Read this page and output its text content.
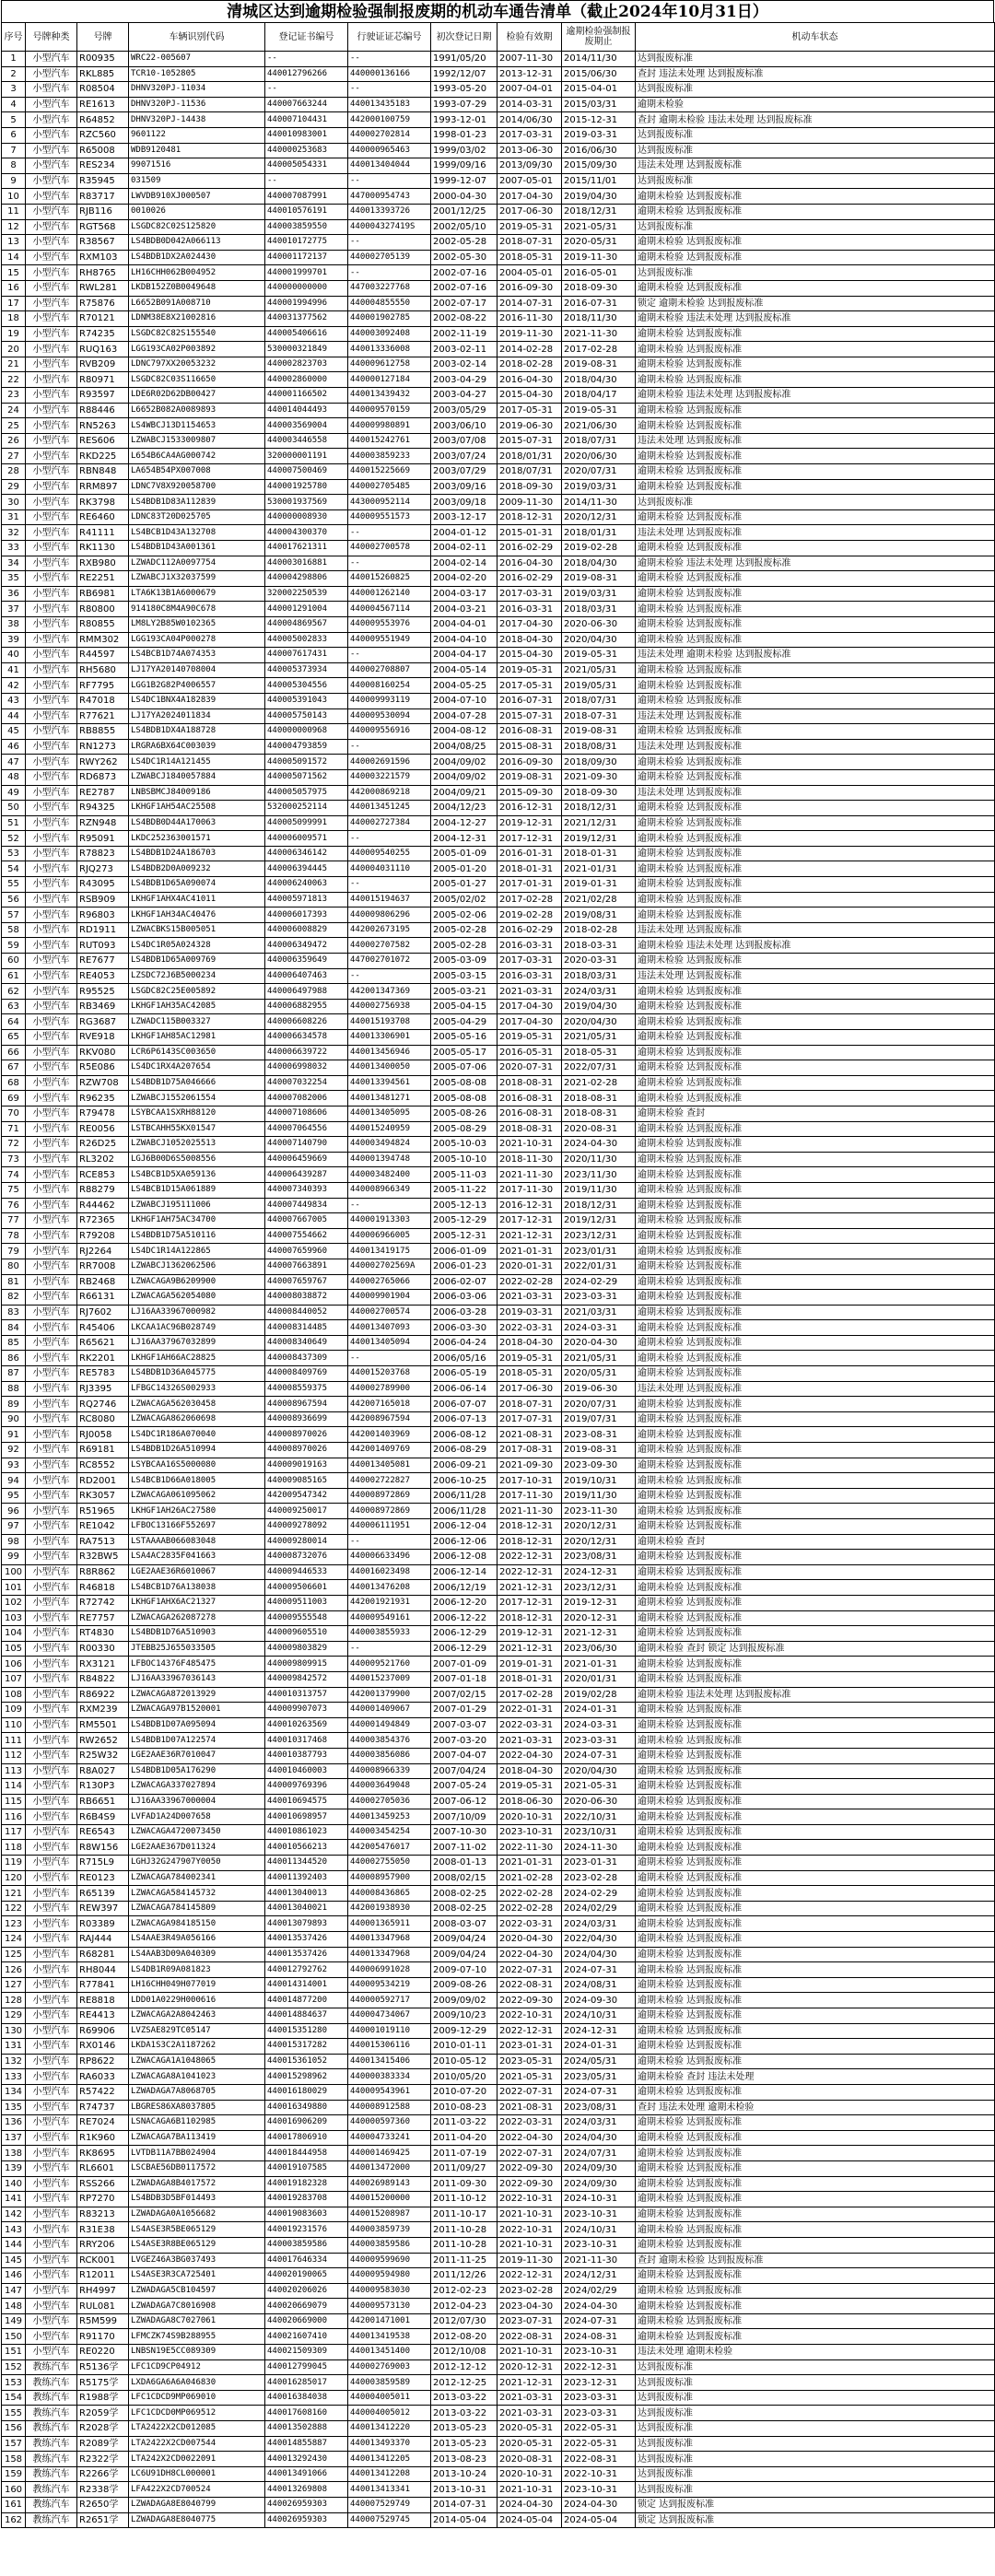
清城区达到逾期检验强制报废期的机动车通告清单（截止2024年10月31日）
序号	号牌种类	号牌	车辆识别代码	登记证书编号	行驶证证芯编号	初次登记日期	检验有效期	逾期检验强制报废期止	机动车状态
1	小型汽车	R00935	WRC22-005607	--	--	1991/05/20	2007-11-30	2014/11/30	达到报废标准
2	小型汽车	RKL885	TCR10-1052805	440012796266	440000136166	1992/12/07	2013-12-31	2015/06/30	查封 违法未处理 达到报废标准
3	小型汽车	R08504	DHNV320PJ-11034	--	--	1993-05-20	2007-04-01	2015-04-01	达到报废标准
4	小型汽车	RE1613	DHNV320PJ-11536	440007663244	440013435183	1993-07-29	2014-03-31	2015/03/31	逾期未检验
5	小型汽车	R64852	DHNV320PJ-14438	440007104431	442000100759	1993-12-01	2014/06/30	2015-12-31	查封 逾期未检验 违法未处理 达到报废标准
6	小型汽车	RZC560	9601122	440010983001	440002702814	1998-01-23	2017-03-31	2019-03-31	达到报废标准
7	小型汽车	R65008	WDB9120481	440000253683	440000965463	1999/03/02	2013-06-30	2016/06/30	达到报废标准
8	小型汽车	RES234	99071516	440005054331	440013404044	1999/09/16	2013/09/30	2015/09/30	违法未处理 达到报废标准
9	小型汽车	R35945	031509	--	--	1999-12-07	2007-05-01	2015/11/01	达到报废标准
10	小型汽车	R83717	LWVDB910XJ000507	440007087991	447000954743	2000-04-30	2017-04-30	2019/04/30	逾期未检验 达到报废标准
11	小型汽车	RJB116	0010026	440010576191	440013393726	2001/12/25	2017-06-30	2018/12/31	逾期未检验 达到报废标准
12	小型汽车	RGT568	LSGDC82C02S125820	440003859550	440004327419S	2002/05/10	2019-05-31	2021-05/31	达到报废标准
13	小型汽车	R38567	LS4BDB0D042A066113	440010172775	--	2002-05-28	2018-07-31	2020-05/31	逾期未检验 达到报废标准
14	小型汽车	RXM103	LS4BDB1DX2A024430	440001172137	440002705139	2002-05-30	2018-05-31	2019-11-30	逾期未检验 达到报废标准
15	小型汽车	RH8765	LH16CHH062B004952	440001999701	--	2002-07-16	2004-05-01	2016-05-01	达到报废标准
16	小型汽车	RWL281	LKDB152Z0B0049648	440000000000	447003227768	2002-07-16	2016-09-30	2018-09-30	逾期未检验 达到报废标准
17	小型汽车	R75876	L6652B091A008710	440001994996	440004855550	2002-07-17	2014-07-31	2016-07-31	锁定 逾期未检验 达到报废标准
18	小型汽车	R70121	LDNM38E8X21002816	440031377562	440001902785	2002-08-22	2016-11-30	2018/11/30	逾期未检验 违法未处理 达到报废标准
19	小型汽车	R74235	LSGDC82C82S155540	440005406616	440003092408	2002-11-19	2019-11-30	2021-11-30	逾期未检验 达到报废标准
20	小型汽车	RUQ163	LGG193CA02P003892	530000321849	440013336008	2003-02-11	2014-02-28	2017-02-28	逾期未检验 达到报废标准
21	小型汽车	RVB209	LDNC797XX20053232	440002823703	440009612758	2003-02-14	2018-02-28	2019-08-31	逾期未检验 达到报废标准
22	小型汽车	R80971	LSGDC82C03S116650	440002860000	440000127184	2003-04-29	2016-04-30	2018/04/30	逾期未检验 达到报废标准
23	小型汽车	R93597	LDE6R02D62DB00427	440001166502	440013439432	2003-04-27	2015-04-30	2018/04/17	逾期未检验 违法未处理 达到报废标准
24	小型汽车	R88446	L6652B082A0089893	440014044493	440009570159	2003/05/29	2017-05-31	2019-05-31	逾期未检验 达到报废标准
25	小型汽车	RN5263	LS4WBCJ13D1154653	440003569004	440009980891	2003/06/10	2019-06-30	2021/06/30	逾期未检验 达到报废标准
26	小型汽车	RES606	LZWABCJ1533009807	440003446558	440015242761	2003/07/08	2015-07-31	2018/07/31	违法未处理 达到报废标准
27	小型汽车	RKD225	L654B6CA4AG000742	320000001191	440003859233	2003/07/24	2018/01/31	2020/06/30	逾期未检验 达到报废标准
28	小型汽车	RBN848	LA654B54PX007008	440007500469	440015225669	2003/07/29	2018/07/31	2020/07/31	逾期未检验 达到报废标准
29	小型汽车	RRM897	LDNC7V8X920058700	440001925780	440002705485	2003/09/16	2018-09-30	2019/03/31	逾期未检验 达到报废标准
30	小型汽车	RK3798	LS4BDB1D83A112839	530001937569	443000952114	2003/09/18	2009-11-30	2014/11-30	达到报废标准
31	小型汽车	RE6460	LDNC83T20D025705	440000008930	440009551573	2003-12-17	2018-12-31	2020/12/31	逾期未检验 达到报废标准
32	小型汽车	R41111	LS4BCB1D43A132708	440004300370	--	2004-01-12	2015-01-31	2018/01/31	违法未处理 达到报废标准
33	小型汽车	RK1130	LS4BDB1D43A001361	440017621311	440002700578	2004-02-11	2016-02-29	2019-02-28	逾期未检验 达到报废标准
34	小型汽车	RXB980	LZWADC112A0097754	440003016881	--	2004-02-14	2016-04-30	2018/04/30	逾期未检验 违法未处理 达到报废标准
35	小型汽车	RE2251	LZWABCJ1X32037599	440004298806	440015260825	2004-02-20	2016-02-29	2019-08-31	逾期未检验 达到报废标准
36	小型汽车	RB6981	LTA6K13B1A6000679	320002250539	440001262140	2004-03-17	2017-03-31	2019/03/31	逾期未检验 达到报废标准
37	小型汽车	R80800	914180C8M4A90C678	440001291004	440004567114	2004-03-21	2016-03-31	2018/03/31	逾期未检验 达到报废标准
38	小型汽车	R80855	LM8LY2B85W0102365	440004869567	440009553976	2004-04-01	2017-04-30	2020-06-30	逾期未检验 达到报废标准
39	小型汽车	RMM302	LGG193CA04P000278	440005002833	440009551949	2004-04-10	2018-04-30	2020/04/30	逾期未检验 达到报废标准
40	小型汽车	R44597	LS4BCB1D74A074353	440007617431	--	2004-04-17	2015-04-30	2019-05-31	违法未处理 逾期未检验 达到报废标准
41	小型汽车	RH5680	LJ17YA20140708004	440005373934	440002708807	2004-05-14	2019-05-31	2021/05/31	逾期未检验 达到报废标准
42	小型汽车	RF7795	LGG1B2G82P4006557	440005304556	440008160254	2004-05-25	2017-05-31	2019/05/31	逾期未检验 达到报废标准
43	小型汽车	R47018	LS4DC1BNX4A182839	440005391043	440009993119	2004-07-10	2016-07-31	2018/07/31	逾期未检验 达到报废标准
44	小型汽车	R77621	LJ17YA2024011834	440005750143	440009530094	2004-07-28	2015-07-31	2018-07-31	违法未处理 达到报废标准
45	小型汽车	RB8855	LS4BDB1DX4A188728	440000000968	440009556916	2004-08-12	2016-08-31	2019-08-31	逾期未检验 达到报废标准
46	小型汽车	RN1273	LRGRA6BX64C003039	440004793859	--	2004/08/25	2015-08-31	2018/08/31	违法未处理 达到报废标准
47	小型汽车	RWY262	LS4DC1R14A121455	440005091572	440002691596	2004/09/02	2016-09-30	2018/09/30	逾期未检验 达到报废标准
48	小型汽车	RD6873	LZWABCJ1840057884	440005071562	440003221579	2004/09/02	2019-08-31	2021-09-30	逾期未检验 达到报废标准
49	小型汽车	RE2787	LNBSBMCJ84009186	440005057975	442000869218	2004/09/21	2015-09-30	2018-09-30	违法未处理 达到报废标准
50	小型汽车	R94325	LKHGF1AH54AC25508	532000252114	440013451245	2004/12/23	2016-12-31	2018/12/31	逾期未检验 达到报废标准
51	小型汽车	RZN948	LS4BDB0D44A170063	440005099991	440002727384	2004-12-27	2019-12-31	2021/12/31	逾期未检验 达到报废标准
52	小型汽车	R95091	LKDC252363001571	440006009571	--	2004-12-31	2017-12-31	2019/12/31	逾期未检验 达到报废标准
53	小型汽车	R78823	LS4BDB1D24A186703	440006346142	440009540255	2005-01-09	2016-01-31	2018-01-31	逾期未检验 达到报废标准
54	小型汽车	RJQ273	LS4BDB2D0A009232	440006394445	440004031110	2005-01-20	2018-01-31	2021-01/31	逾期未检验 达到报废标准
55	小型汽车	R43095	LS4BDB1D65A090074	440006240063	--	2005-01-27	2017-01-31	2019-01-31	逾期未检验 达到报废标准
56	小型汽车	RSB909	LKHGF1AHX4AC41011	440005971813	440015194637	2005/02/02	2017-02-28	2021/02/28	逾期未检验 达到报废标准
57	小型汽车	R96803	LKHGF1AH34AC40476	440006017393	440009806296	2005-02-06	2019-02-28	2019/08/31	逾期未检验 达到报废标准
58	小型汽车	RD1911	LZWACBKS15B005051	440006008829	442002673195	2005-02-28	2016-02-29	2018-02-28	违法未处理 达到报废标准
59	小型汽车	RUT093	LS4DC1R05A024328	440006349472	440002707582	2005-02-28	2016-03-31	2018-03-31	逾期未检验 违法未处理 达到报废标准
60	小型汽车	RE7677	LS4BDB1D65A009769	440006359649	447002701072	2005-03-09	2017-03-31	2020-03-31	逾期未检验 达到报废标准
61	小型汽车	RE4053	LZSDC72J6B5000234	440006407463	--	2005-03-15	2016-03-31	2018/03/31	违法未处理 达到报废标准
62	小型汽车	R95525	LSGDC82C25E005892	440006497988	442001347369	2005-03-21	2021-03-31	2024/03/31	逾期未检验 达到报废标准
63	小型汽车	RB3469	LKHGF1AH35AC42085	440006882955	440002756938	2005-04-15	2017-04-30	2019/04/30	逾期未检验 达到报废标准
64	小型汽车	RG3687	LZWADC115B003327	440006608226	440015193708	2005-04-29	2017-04-30	2020/04/30	逾期未检验 达到报废标准
65	小型汽车	RVE918	LKHGF1AH85AC12981	440006634578	440013306901	2005-05-16	2019-05-31	2021/05/31	逾期未检验 达到报废标准
66	小型汽车	RKV080	LCR6P6143SC003650	440006639722	440013456946	2005-05-17	2016-05-31	2018-05-31	逾期未检验 达到报废标准
67	小型汽车	R5E086	LS4DC1RX4A207654	440006998032	440013400050	2005-07-06	2020-07-31	2022/07/31	逾期未检验 达到报废标准
68	小型汽车	RZW708	LS4BDB1D75A046666	440007032254	440013394561	2005-08-08	2018-08-31	2021-02-28	逾期未检验 达到报废标准
69	小型汽车	R96235	LZWABCJ1552061554	440007082006	440013481271	2005-08-08	2016-08-31	2018-08-31	逾期未检验 达到报废标准
70	小型汽车	R79478	LSYBCAA1SXRH88120	440007108606	440013405095	2005-08-26	2016-08-31	2018-08-31	逾期未检验 查封
71	小型汽车	RE0056	LSTBCAHH55KX01547	440007064556	440015240959	2005-08-29	2018-08-31	2020-08-31	逾期未检验 达到报废标准
72	小型汽车	R26D25	LZWABCJ1052025513	440007140790	440003494824	2005-10-03	2021-10-31	2024-04-30	逾期未检验 达到报废标准
73	小型汽车	RL3202	LGJ6B00D6S5008556	440006459669	440001394748	2005-10-10	2018-11-30	2020/11/30	逾期未检验 达到报废标准
74	小型汽车	RCE853	LS4BCB1D5XA059136	440006439287	440003482400	2005-11-03	2021-11-30	2023/11/30	逾期未检验 达到报废标准
75	小型汽车	R88279	LS4BCB1D15A061889	440007340393	440008966349	2005-11-22	2017-11-30	2019/11/30	逾期未检验 达到报废标准
76	小型汽车	R44462	LZWABCJ195111006	440007449834	--	2005-12-13	2016-12-31	2018/12/31	逾期未检验 达到报废标准
77	小型汽车	R72365	LKHGF1AH75AC34700	440007667005	440001913303	2005-12-29	2017-12-31	2019/12/31	逾期未检验 达到报废标准
78	小型汽车	R79208	LS4BDB1D75A510116	440007554662	440006966005	2005-12-31	2021-12-31	2023/12/31	逾期未检验 达到报废标准
79	小型汽车	RJ2264	LS4DC1R14A122865	440007659960	440013419175	2006-01-09	2021-01-31	2023/01/31	逾期未检验 达到报废标准
80	小型汽车	RR7008	LZWABCJ1362062506	440007663891	440002702569A	2006-01-23	2020-01-31	2022/01/31	逾期未检验 达到报废标准
81	小型汽车	RB2468	LZWACAGA9B6209900	440007659767	440002765066	2006-02-07	2022-02-28	2024-02-29	逾期未检验 达到报废标准
82	小型汽车	R66131	LZWACAGA562054080	440008038872	440009901904	2006-03-06	2021-03-31	2023-03-31	逾期未检验 达到报废标准
83	小型汽车	RJ7602	LJ16AA33967000982	440008440052	440002700574	2006-03-28	2019-03-31	2021/03/31	逾期未检验 达到报废标准
84	小型汽车	R45406	LKCAA1AC96B028749	440008314485	440013407093	2006-03-30	2022-03-31	2024-03-31	逾期未检验 达到报废标准
85	小型汽车	R65621	LJ16AA37967032899	440008340649	440013405094	2006-04-24	2018-04-30	2020-04-30	逾期未检验 达到报废标准
86	小型汽车	RK2201	LKHGF1AH66AC28825	440008437309	--	2006/05/16	2019-05-31	2021/05/31	逾期未检验 达到报废标准
87	小型汽车	RE5783	LS4BDB1D36A045775	440008409769	440015203768	2006-05-19	2018-05-31	2020/05/31	逾期未检验 达到报废标准
88	小型汽车	RJ3395	LFBGC14326S002933	440008559375	440002789900	2006-06-14	2017-06-30	2019-06-30	违法未处理 达到报废标准
89	小型汽车	RQ2746	LZWACAGA562030458	440008967594	442007165018	2006-07-07	2018-07-31	2020/07/31	逾期未检验 达到报废标准
90	小型汽车	RC8080	LZWACAGA862060698	440008936699	442008967594	2006-07-13	2017-07-31	2019/07/31	逾期未检验 达到报废标准
91	小型汽车	RJ0058	LS4DC1R186A070040	440008970026	442001403969	2006-08-12	2021-08-31	2023-08-31	逾期未检验 达到报废标准
92	小型汽车	R69181	LS4BDB1D26A510994	440008970026	442001409769	2006-08-29	2017-08-31	2019-08-31	逾期未检验 达到报废标准
93	小型汽车	RC8552	LSYBCAA16S5000080	440009019163	440013405081	2006-09-21	2021-09-30	2023-09-30	逾期未检验 达到报废标准
94	小型汽车	RD2001	LS4BCB1D66A018005	440009085165	440002722827	2006-10-25	2017-10-31	2019/10/31	逾期未检验 达到报废标准
95	小型汽车	RK3057	LZWACAGA061095062	442009547342	440008972869	2006/11/28	2017-11-30	2019/11/30	逾期未检验 达到报废标准
96	小型汽车	R51965	LKHGF1AH26AC27580	440009250017	440008972869	2006/11/28	2021-11-30	2023-11-30	逾期未检验 达到报废标准
97	小型汽车	RE1042	LFBOC13166F552697	440009278092	440006111951	2006-12-04	2018-12-31	2020/12/31	逾期未检验 达到报废标准
98	小型汽车	RA7513	LSTAAAAB066083048	440009280014	--	2006-12-06	2018-12-31	2020/12/31	逾期未检验 查封
99	小型汽车	R32BW5	LSA4AC2835F041663	440008732076	440006633496	2006-12-08	2022-12-31	2023/08/31	逾期未检验 达到报废标准
100	小型汽车	R8R862	LGE2AAE36R6010067	440009446533	440016023498	2006-12-14	2022-12-31	2024-12-31	逾期未检验 达到报废标准
101	小型汽车	R46818	LS4BCB1D76A138038	440009506601	440013476208	2006/12/19	2021-12-31	2023/12/31	逾期未检验 达到报废标准
102	小型汽车	R72742	LKHGF1AHX6AC21327	440009511003	442001921931	2006-12-20	2017-12-31	2019-12-31	逾期未检验 达到报废标准
103	小型汽车	RE7757	LZWACAGA262087278	440009555548	440009549161	2006-12-22	2018-12-31	2020-12-31	逾期未检验 达到报废标准
104	小型汽车	RT4830	LS4BDB1D76A510903	440009605510	440003855933	2006-12-29	2019-12-31	2021-12-31	逾期未检验 达到报废标准
105	小型汽车	R00330	JTEBB25J655033505	440009803829	--	2006-12-29	2021-12-31	2023/06/30	逾期未检验 查封 锁定 达到报废标准
106	小型汽车	RX3121	LFBOC14376F485475	440009809915	440009521760	2007-01-09	2019-01-31	2021-01-31	逾期未检验 达到报废标准
107	小型汽车	R84822	LJ16AA33967036143	440009842572	440015237009	2007-01-18	2018-01-31	2020/01/31	逾期未检验 达到报废标准
108	小型汽车	R86922	LZWACAGA872013929	440010313757	442001379900	2007/02/15	2017-02-28	2019/02/28	逾期未检验 违法未处理 达到报废标准
109	小型汽车	RXM239	LZWACAGA97B1520001	440009907073	440001409067	2007-01-29	2022-01-31	2024-01-31	逾期未检验 达到报废标准
110	小型汽车	RM5501	LS4BDB1D07A095094	440010263569	440001494849	2007-03-07	2022-03-31	2024-03-31	逾期未检验 达到报废标准
111	小型汽车	RW2652	LS4BDB1D07A122574	440010317468	440003854376	2007-03-20	2021-03-31	2023-03-31	逾期未检验 达到报废标准
112	小型汽车	R25W32	LGE2AAE36R7010047	440010387793	440003856086	2007-04-07	2022-04-30	2024-07-31	逾期未检验 达到报废标准
113	小型汽车	R8A027	LS4BDB1D05A176290	440010460003	440008966339	2007/04/24	2018-04-30	2020/04/30	逾期未检验 达到报废标准
114	小型汽车	R130P3	LZWACAGA337027894	440009769396	440003649048	2007-05-24	2019-05-31	2021-05-31	逾期未检验 达到报废标准
115	小型汽车	RB6651	LJ16AA33967000004	440010694575	440002705036	2007-06-12	2018-06-30	2020-06-30	逾期未检验 达到报废标准
116	小型汽车	R6B4S9	LVFAD1A24D007658	440010698957	440013459253	2007/10/09	2020-10-31	2022/10/31	逾期未检验 达到报废标准
117	小型汽车	RE6543	LZWACAGA4720073450	440010861023	440003454254	2007-10-30	2023-10-31	2023/10/31	逾期未检验 达到报废标准
118	小型汽车	R8W156	LGE2AAE367D011324	440010566213	442005476017	2007-11-02	2022-11-30	2024-11-30	逾期未检验 达到报废标准
119	小型汽车	R715L9	LGHJ32G247907Y0050	440011344520	440002755050	2008-01-13	2021-01-31	2023-01-31	逾期未检验 达到报废标准
120	小型汽车	RE0123	LZWACAGA784002341	440011392403	440008957900	2008/02/15	2021-02-28	2023-02-28	逾期未检验 达到报废标准
121	小型汽车	R65139	LZWACAGA584145732	440013040013	440008436865	2008-02-25	2022-02-28	2024-02-29	逾期未检验 达到报废标准
122	小型汽车	REW397	LZWACAGA784145809	440013040021	442001938930	2008-02-25	2022-02-28	2024/02/29	逾期未检验 达到报废标准
123	小型汽车	R03389	LZWACAGA984185150	440013079893	440001365911	2008-03-07	2022-03-31	2024/03/31	逾期未检验 达到报废标准
124	小型汽车	RAJ444	LS4AAE3R49A056166	440013537426	440013347968	2009/04/24	2020-04-30	2022/04/30	逾期未检验 达到报废标准
125	小型汽车	R68281	LS4AAB3D09A040309	440013537426	440013347968	2009/04/24	2022-04-30	2024/04/30	逾期未检验 达到报废标准
126	小型汽车	RH8044	LS4DB1R09A081823	440012792762	440006991028	2009-07-10	2022-07-31	2024-07-31	逾期未检验 达到报废标准
127	小型汽车	R77841	LH16CHH049H077019	440014314001	440009534219	2009-08-26	2022-08-31	2024/08/31	逾期未检验 达到报废标准
128	小型汽车	RE8818	LDD01A0229H000616	440014877200	440000592717	2009/09/02	2022-09-30	2024-09-30	逾期未检验 达到报废标准
129	小型汽车	RE4413	LZWACAGA2A8042463	440014884637	440004734067	2009/10/23	2022-10-31	2024/10/31	逾期未检验 达到报废标准
130	小型汽车	R69906	LVZSAE829TC05147	440015351280	440001019110	2009-12-29	2022-12-31	2024-12-31	逾期未检验 达到报废标准
131	小型汽车	RX0146	LKDA1S3C2A1187262	440015317282	440015306116	2010-01-11	2023-01-31	2024-01-31	逾期未检验 达到报废标准
132	小型汽车	RP8622	LZWACAGA1A1048065	440015361052	440013415406	2010-05-12	2023-05-31	2024/05/31	逾期未检验 达到报废标准
133	小型汽车	RA6033	LZWACAGA8A1041023	440015298962	440000383334	2010/05/20	2021-05-31	2023/05/31	逾期未检验 查封 违法未处理
134	小型汽车	R57422	LZWADAGA7A8068705	440016180029	440009543961	2010-07-20	2022-07-31	2024-07-31	逾期未检验 达到报废标准
135	小型汽车	R74737	LBGRES86XA8037805	440016349880	440008912588	2010-08-23	2021-08-31	2023/08/31	查封 违法未处理 逾期未检验
136	小型汽车	RE7024	LSNACAGA6B1102985	440016906209	440000597360	2011-03-22	2022-03-31	2024/03/31	逾期未检验 达到报废标准
137	小型汽车	R1K960	LZWACAGA7BA113419	440017806910	440004733241	2011-04-20	2022-04-30	2024/04/30	逾期未检验 达到报废标准
138	小型汽车	RK8695	LVTDB11A7BB024904	440018444958	440001469425	2011-07-19	2022-07-31	2024/07/31	逾期未检验 达到报废标准
139	小型汽车	RL6601	LSCBAE56DB0117572	440019107585	440013472000	2011/09/27	2022-09-30	2024/09/30	逾期未检验 达到报废标准
140	小型汽车	RSS266	LZWADAGA8B4017572	440019182328	440026989143	2011-09-30	2022-09-30	2024/09/30	逾期未检验 达到报废标准
141	小型汽车	RP7270	LS4BDB3D5BF014493	440019283708	440015200000	2011-10-12	2022-10-31	2024-10-31	逾期未检验 达到报废标准
142	小型汽车	R83213	LZWADAGA0A1056682	440019083603	440015208987	2011-10-17	2021-10-31	2023-10-31	逾期未检验 达到报废标准
143	小型汽车	R31E38	LS4ASE3R5BE065129	440019231576	440003859739	2011-10-28	2022-10-31	2024/10/31	逾期未检验 达到报废标准
144	小型汽车	RRY206	LS4ASE3R8BE065129	440003859586	440003859586	2011-10-28	2021-10-31	2023-10-31	逾期未检验 达到报废标准
145	小型汽车	RCK001	LVGEZ46A3BG037493	440017646334	440009599690	2011-11-25	2019-11-30	2021-11-30	查封 逾期未检验 达到报废标准
146	小型汽车	R12011	LS4ASE3R3CA725401	440020190065	440009594980	2011/12/26	2022-12-31	2024/12/31	逾期未检验 达到报废标准
147	小型汽车	RH4997	LZWADAGA5CB104597	440020206026	440009583030	2012-02-23	2023-02-28	2024/02/29	逾期未检验 达到报废标准
148	小型汽车	RUL081	LZWADAGA7C8016908	440020669079	440009573130	2012-04-23	2023-04-30	2024-04-30	逾期未检验 达到报废标准
149	小型汽车	R5M599	LZWADAGA8C7027061	440020669000	442001471001	2012/07/30	2023-07-31	2024-07-31	逾期未检验 达到报废标准
150	小型汽车	R91170	LFMCZK74S9B288955	440021607410	440013419538	2012-08-20	2022-08-31	2024-08-31	逾期未检验 达到报废标准
151	小型汽车	RE0220	LNBSN19E5CC089309	440021509309	440013451400	2012/10/08	2021-10-31	2023-10-31	违法未处理 逾期未检验
152	教练汽车	R5136学	LFC1CD9CP04912	440012799045	440002769003	2012-12-12	2020-12-31	2022-12-31	达到报废标准
153	教练汽车	R5175学	LXDA6GA6A6A046830	440016285017	440003859589	2012-12-25	2021-12-31	2023-12-31	达到报废标准
154	教练汽车	R1988学	LFC1CDCD9MP069010	440016384038	440004005011	2013-03-22	2021-03-31	2023-03-31	达到报废标准
155	教练汽车	R2059学	LFC1CDCD0MP069512	440017608160	440004005012	2013-03-22	2021-03-31	2023-03-31	达到报废标准
156	教练汽车	R2028学	LTA2422X2CD012085	440013502888	440013412220	2013-05-23	2020-05-31	2022-05-31	达到报废标准
157	教练汽车	R2089学	LTA2422X2CD007544	440014855887	440013493370	2013-05-23	2020-05-31	2022-05-31	达到报废标准
158	教练汽车	R2322学	LTA242X2CD0022091	440013292430	440013412205	2013-08-23	2020-08-31	2022-08-31	达到报废标准
159	教练汽车	R2266学	LC6U91DH8CL000001	440013491066	440013412208	2013-10-24	2020-10-31	2022-10-31	达到报废标准
160	教练汽车	R2338学	LFA422X2CD700524	440013269808	440013413341	2013-10-31	2021-10-31	2023-10-31	达到报废标准
161	教练汽车	R2650学	LZWADAGA8E8040799	440026959303	440007529749	2014-07-31	2024-04-30	2024-04-30	锁定 达到报废标准
162	教练汽车	R2651学	LZWADAGA8E8040775	440026959303	440007529745	2014-05-04	2024-05-04	2024-05-04	锁定 达到报废标准
